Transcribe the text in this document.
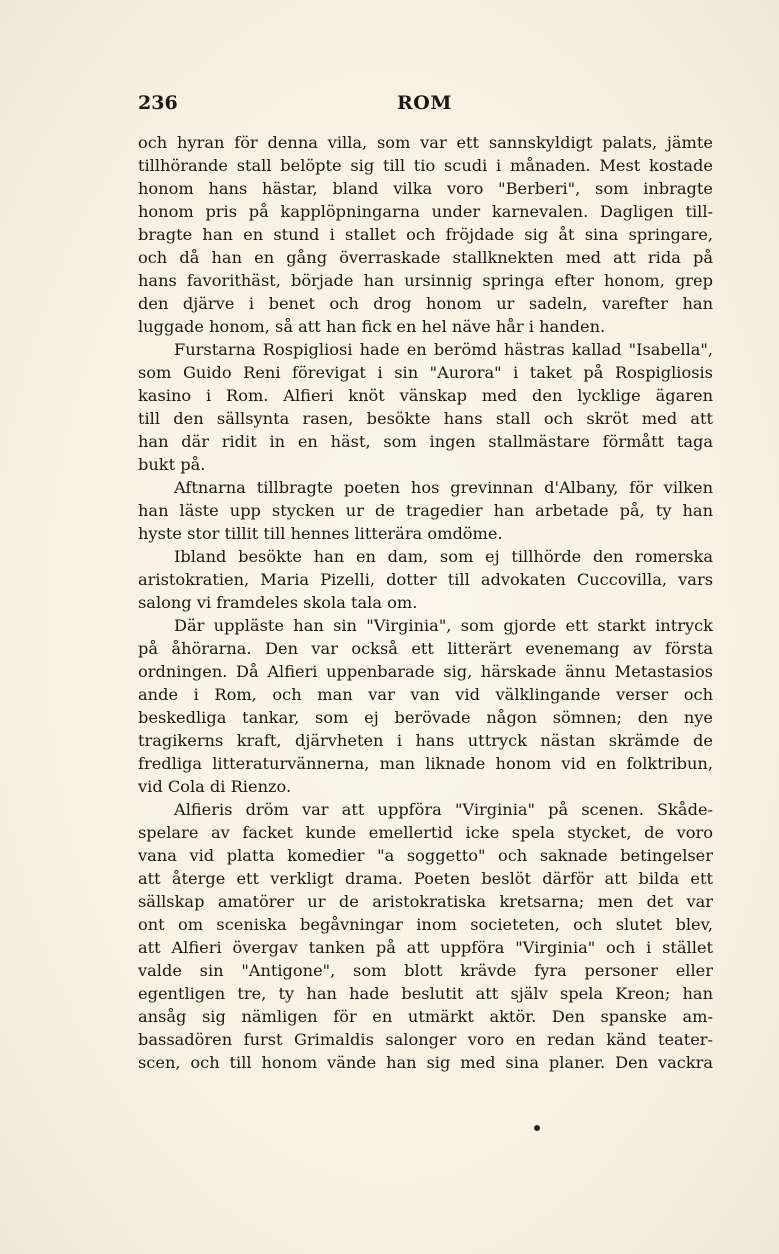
236	ROM
och hyran för denna villa, som var ett sannskyldigt palats, jämte
tillhörande stall belöpte sig till tio scudi i månaden. Mest kostade
honom hans hästar, bland vilka voro "Berberi", som inbragte
honom pris på kapplöpningarna under karnevalen. Dagligen till-
bragte han en stund i stallet och fröjdade sig åt sina springare,
och då han en gång överraskade stallknekten med att rida på
hans favorithäst, började han ursinnig springa efter honom, grep
den djärve i benet och drog honom ur sadeln, varefter han
luggade honom, så att han fick en hel näve hår i handen.
Furstarna Rospigliosi hade en berömd hästras kallad "Isabella",
som Guido Reni förevigat i sin "Aurora" i taket på Rospigliosis
kasino i Rom. Alfieri knöt vänskap med den lycklige ägaren
till den sällsynta rasen, besökte hans stall och skröt med att
han där ridit in en häst, som ingen stallmästare förmått taga
bukt på.
Aftnarna tillbragte poeten hos grevinnan d'Albany, för vilken
han läste upp stycken ur de tragedier han arbetade på, ty han
hyste stor tillit till hennes litterära omdöme.
Ibland besökte han en dam, som ej tillhörde den romerska
aristokratien, Maria Pizelli, dotter till advokaten Cuccovilla, vars
salong vi framdeles skola tala om.
Där uppläste han sin "Virginia", som gjorde ett starkt intryck
på åhörarna. Den var också ett litterärt evenemang av första
ordningen. Då Alfieri uppenbarade sig, härskade ännu Metastasios
ande i Rom, och man var van vid välklingande verser och
beskedliga tankar, som ej berövade någon sömnen; den nye
tragikerns kraft, djärvheten i hans uttryck nästan skrämde de
fredliga litteraturvännerna, man liknade honom vid en folktribun,
vid Cola di Rienzo.
Alfieris dröm var att uppföra "Virginia" på scenen. Skåde-
spelare av facket kunde emellertid icke spela stycket, de voro
vana vid platta komedier "a soggetto" och saknade betingelser
att återge ett verkligt drama. Poeten beslöt därför att bilda ett
sällskap amatörer ur de aristokratiska kretsarna; men det var
ont om sceniska begåvningar inom societeten, och slutet blev,
att Alfieri övergav tanken på att uppföra "Virginia" och i stället
valde sin "Antigone", som blott krävde fyra personer eller
egentligen tre, ty han hade beslutit att själv spela Kreon; han
ansåg sig nämligen för en utmärkt aktör. Den spanske am-
bassadören furst Grimaldis salonger voro en redan känd teater-
scen, och till honom vände han sig med sina planer. Den vackra
